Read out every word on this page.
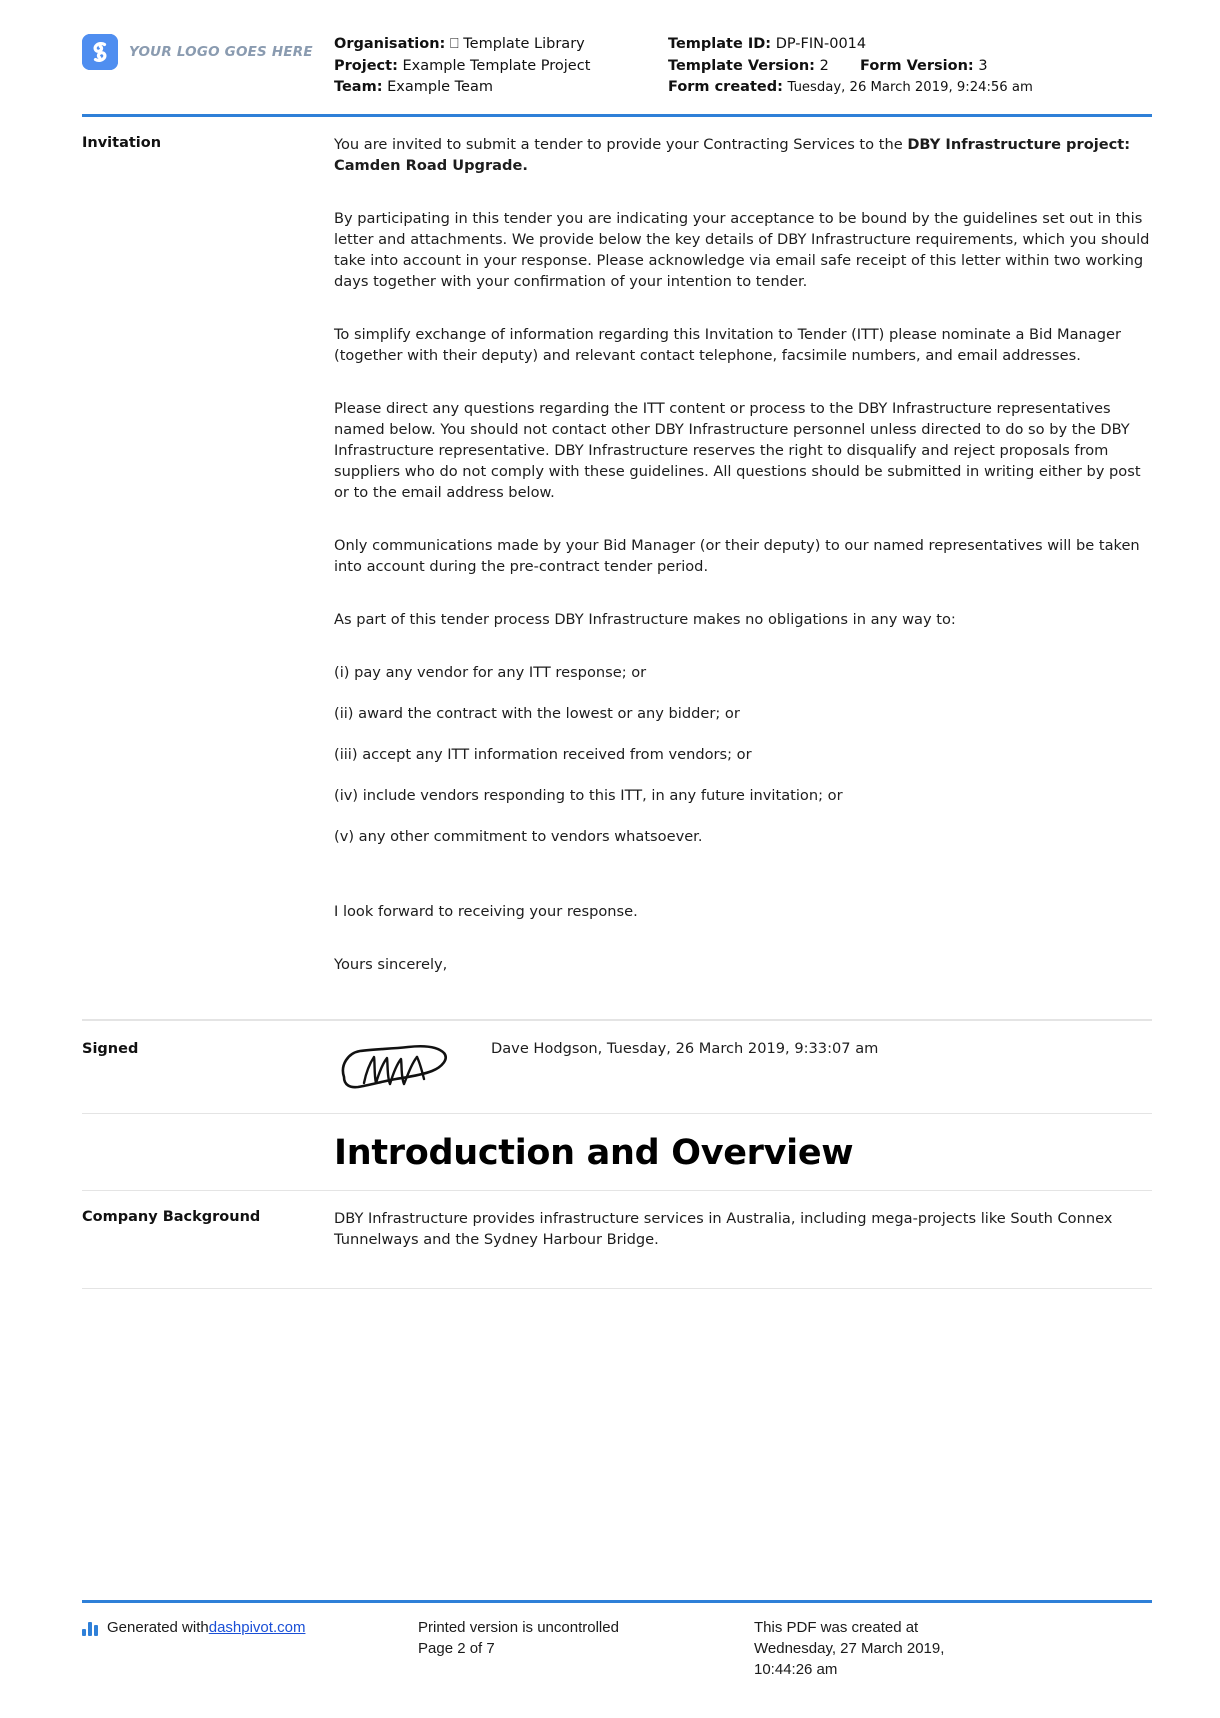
YOUR LOGO GOES HERE Organisation: ⎕ Template Library
Project: Example Template Project
Team: Example Team
Template ID: DP-FIN-0014
Template Version: 2 Form Version: 3
Form created: Tuesday, 26 March 2019, 9:24:56 am
Invitation	You are invited to submit a tender to provide your Contracting Services to the DBY Infrastructure project: Camden Road Upgrade.

By participating in this tender you are indicating your acceptance to be bound by the guidelines set out in this letter and attachments. We provide below the key details of DBY Infrastructure requirements, which you should take into account in your response. Please acknowledge via email safe receipt of this letter within two working days together with your confirmation of your intention to tender.

To simplify exchange of information regarding this Invitation to Tender (ITT) please nominate a Bid Manager (together with their deputy) and relevant contact telephone, facsimile numbers, and email addresses.

Please direct any questions regarding the ITT content or process to the DBY Infrastructure representatives named below. You should not contact other DBY Infrastructure personnel unless directed to do so by the DBY Infrastructure representative. DBY Infrastructure reserves the right to disqualify and reject proposals from suppliers who do not comply with these guidelines. All questions should be submitted in writing either by post or to the email address below.

Only communications made by your Bid Manager (or their deputy) to our named representatives will be taken into account during the pre-contract tender period.

As part of this tender process DBY Infrastructure makes no obligations in any way to:

(i) pay any vendor for any ITT response; or
(ii) award the contract with the lowest or any bidder; or
(iii) accept any ITT information received from vendors; or
(iv) include vendors responding to this ITT, in any future invitation; or
(v) any other commitment to vendors whatsoever.

I look forward to receiving your response.

Yours sincerely,

Signed	Dave Hodgson, Tuesday, 26 March 2019, 9:33:07 am
Introduction and Overview
Company Background	DBY Infrastructure provides infrastructure services in Australia, including mega-projects like South Connex Tunnelways and the Sydney Harbour Bridge.
Generated with dashpivot.com	Printed version is uncontrolled
Page 2 of 7
This PDF was created at
Wednesday, 27 March 2019,
10:44:26 am
